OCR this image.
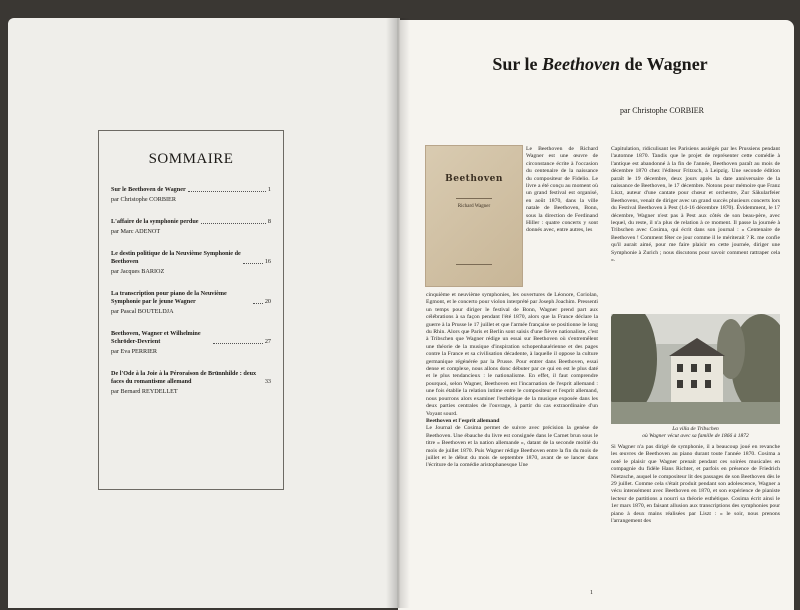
SOMMAIRE
Sur le Beethoven de Wagner	1
par Christophe CORBIER
L'affaire de la symphonie perdue	8
par Marc ADENOT
Le destin politique de la Neuvième Symphonie de Beethoven	16
par Jacques BARIOZ
La transcription pour piano de la Neuvième Symphonie par le jeune Wagner	20
par Pascal BOUTELDJA
Beethoven, Wagner et Wilhelmine Schröder-Devrient	27
par Eva PERRIER
De l'Ode à la Joie à la Péroraison de Brünnhilde : deux faces du romantisme allemand	33
par Bernard REYDELLET
Sur le Beethoven de Wagner
par Christophe CORBIER
Beethoven
Richard Wagner

Le Beethoven de Richard Wagner est une œuvre de circonstance écrite à l'occasion du centenaire de la naissance du compositeur de Fidelio. Le livre a été conçu au moment où un grand festival est organisé, en août 1870, dans la ville natale de Beethoven, Bonn, sous la direction de Ferdinand Hiller : quatre concerts y sont donnés avec, entre autres, les

cinquième et neuvième symphonies, les ouvertures de Léonore, Coriolan, Egmont, et le concerto pour violon interprété par Joseph Joachim. Pressenti un temps pour diriger le festival de Bonn, Wagner prend part aux célébrations à sa façon pendant l'été 1870, alors que la France déclare la guerre à la Prusse le 17 juillet et que l'armée française se positionne le long du Rhin. Alors que Paris et Berlin sont saisis d'une fièvre nationaliste, c'est à Tribschen que Wagner rédige un essai sur Beethoven où s'entremêlent une théorie de la musique d'inspiration schopenhauérienne et des pages contre la France et sa civilisation décadente, à laquelle il oppose la culture germanique régénérée par la Prusse. Pour entrer dans Beethoven, essai dense et complexe, nous allons donc débuter par ce qui en est le plus daté et le plus tendancieux : le nationalisme. En effet, il faut comprendre pourquoi, selon Wagner, Beethoven est l'incarnation de l'esprit allemand : une fois établie la relation intime entre le compositeur et l'esprit allemand, nous pourrons alors examiner l'esthétique de la musique exposée dans les deux parties centrales de l'ouvrage, à partir du cas extraordinaire d'un Voyant sourd.

Beethoven et l'esprit allemand

Le Journal de Cosima permet de suivre avec précision la genèse de Beethoven. Une ébauche du livre est consignée dans le Carnet brun sous le titre « Beethoven et la nation allemande », datant de la seconde moitié du mois de juillet 1870. Puis Wagner rédige Beethoven entre la fin du mois de juillet et le début du mois de septembre 1870, avant de se lancer dans l'écriture de la comédie aristophanesque Une

Capitulation, ridiculisant les Parisiens assiégés par les Prussiens pendant l'automne 1870. Tandis que le projet de représenter cette comédie à l'antique est abandonné à la fin de l'année, Beethoven paraît au mois de décembre 1870 chez l'éditeur Fritzsch, à Leipzig. Une seconde édition paraît le 19 décembre, deux jours après la date anniversaire de la naissance de Beethoven, le 17 décembre. Notons pour mémoire que Franz Liszt, auteur d'une cantate pour chœur et orchestre, Zur Säkularfeier Beethovens, venait de diriger avec un grand succès plusieurs concerts lors du Festival Beethoven à Pest (14-16 décembre 1870). Évidemment, le 17 décembre, Wagner n'est pas à Pest aux côtés de son beau-père, avec lequel, du reste, il n'a plus de relation à ce moment. Il passe la journée à Tribschen avec Cosima, qui écrit dans son journal : « Centenaire de Beethoven ! Comment fêter ce jour comme il le mériterait ? R. me confie qu'il aurait aimé, pour me faire plaisir en cette journée, diriger une Symphonie à Zurich ; nous discutons pour savoir comment rattraper cela ».

La villa de Tribschen
où Wagner vécut avec sa famille de 1866 à 1872

Si Wagner n'a pas dirigé de symphonie, il a beaucoup joué en revanche les œuvres de Beethoven au piano durant toute l'année 1870. Cosima a noté le plaisir que Wagner prenait pendant ces soirées musicales en compagnie du fidèle Hans Richter, et parfois en présence de Friedrich Nietzsche, auquel le compositeur lit des passages de son Beethoven dès le 29 juillet. Comme cela s'était produit pendant son adolescence, Wagner a vécu intensément avec Beethoven en 1870, et son expérience de pianiste lecteur de partitions a nourri sa théorie esthétique. Cosima écrit ainsi le 1er mars 1870, en faisant allusion aux transcriptions des symphonies pour piano à deux mains réalisées par Liszt : « le soir, nous prenons l'arrangement des

1
